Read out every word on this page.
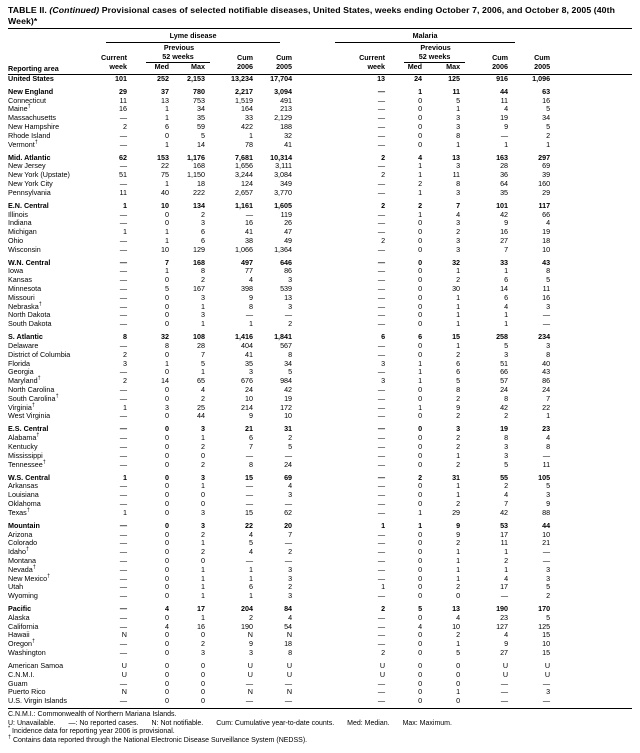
TABLE II. (Continued) Provisional cases of selected notifiable diseases, United States, weeks ending October 7, 2006, and October 8, 2005 (40th Week)*
Reporting area	Lyme disease						Malaria					

		Previous						Previous				
	Current	52 weeks		Cum	Cum		Current	52 weeks		Cum	Cum	
	week	Med	Max	2006	2005		week	Med	Max	2006	2005	
United States	101	252	2,153	13,234	17,704		13	24	125	916	1,096	
New England	29	37	780	2,217	3,094		—	1	11	44	63	
Connecticut	11	13	753	1,519	491		—	0	5	11	16	
Maine†	16	1	34	164	213		—	0	1	4	5	
Massachusetts	—	1	35	33	2,129		—	0	3	19	34	
New Hampshire	2	6	59	422	188		—	0	3	9	5	
Rhode Island	—	0	5	1	32		—	0	8	—	2	
Vermont†	—	1	14	78	41		—	0	1	1	1	
Mid. Atlantic	62	153	1,176	7,681	10,314		2	4	13	163	297	
New Jersey	—	22	168	1,656	3,111		—	1	3	28	69	
New York (Upstate)	51	75	1,150	3,244	3,084		2	1	11	36	39	
New York City	—	1	18	124	349		—	2	8	64	160	
Pennsylvania	11	40	222	2,657	3,770		—	1	3	35	29	
E.N. Central	1	10	134	1,161	1,605		2	2	7	101	117	
Illinois	—	0	2	—	119		—	1	4	42	66	
Indiana	—	0	3	16	26		—	0	3	9	4	
Michigan	1	1	6	41	47		—	0	2	16	19	
Ohio	—	1	6	38	49		2	0	3	27	18	
Wisconsin	—	10	129	1,066	1,364		—	0	3	7	10	
W.N. Central	—	7	168	497	646		—	0	32	33	43	
Iowa	—	1	8	77	86		—	0	1	1	8	
Kansas	—	0	2	4	3		—	0	2	6	5	
Minnesota	—	5	167	398	539		—	0	30	14	11	
Missouri	—	0	3	9	13		—	0	1	6	16	
Nebraska†	—	0	1	8	3		—	0	1	4	3	
North Dakota	—	0	3	—	—		—	0	1	1	—	
South Dakota	—	0	1	1	2		—	0	1	1	—	
S. Atlantic	8	32	108	1,416	1,841		6	6	15	258	234	
Delaware	—	8	28	404	567		—	0	1	5	3	
District of Columbia	2	0	7	41	8		—	0	2	3	8	
Florida	3	1	5	35	34		3	1	6	51	40	
Georgia	—	0	1	3	5		—	1	6	66	43	
Maryland†	2	14	65	676	984		3	1	5	57	86	
North Carolina	—	0	4	24	42		—	0	8	24	24	
South Carolina†	—	0	2	10	19		—	0	2	8	7	
Virginia†	1	3	25	214	172		—	1	9	42	22	
West Virginia	—	0	44	9	10		—	0	2	2	1	
E.S. Central	—	0	3	21	31		—	0	3	19	23	
Alabama†	—	0	1	6	2		—	0	2	8	4	
Kentucky	—	0	2	7	5		—	0	2	3	8	
Mississippi	—	0	0	—	—		—	0	1	3	—	
Tennessee†	—	0	2	8	24		—	0	2	5	11	
W.S. Central	1	0	3	15	69		—	2	31	55	105	
Arkansas	—	0	1	—	4		—	0	1	2	5	
Louisiana	—	0	0	—	3		—	0	1	4	3	
Oklahoma	—	0	0	—	—		—	0	2	7	9	
Texas†	1	0	3	15	62		—	1	29	42	88	
Mountain	—	0	3	22	20		1	1	9	53	44	
Arizona	—	0	2	4	7		—	0	9	17	10	
Colorado	—	0	1	5	—		—	0	2	11	21	
Idaho†	—	0	2	4	2		—	0	1	1	—	
Montana	—	0	0	—	—		—	0	1	2	—	
Nevada†	—	0	1	1	3		—	0	1	1	3	
New Mexico†	—	0	1	1	3		—	0	1	4	3	
Utah	—	0	1	6	2		1	0	2	17	5	
Wyoming	—	0	1	1	3		—	0	0	—	2	
Pacific	—	4	17	204	84		2	5	13	190	170	
Alaska	—	0	1	2	4		—	0	4	23	5	
California	—	4	16	190	54		—	4	10	127	125	
Hawaii	N	0	0	N	N		—	0	2	4	15	
Oregon†	—	0	2	9	18		—	0	1	9	10	
Washington	—	0	3	3	8		2	0	5	27	15	
American Samoa	U	0	0	U	U		U	0	0	U	U	
C.N.M.I.	U	0	0	U	U		U	0	0	U	U	
Guam	—	0	0	—	—		—	0	0	—	—	
Puerto Rico	N	0	0	N	N		—	0	1	—	3	
U.S. Virgin Islands	—	0	0	—	—		—	0	0	—	—	
C.N.M.I.: Commonwealth of Northern Mariana Islands.
U: Unavailable. —: No reported cases. N: Not notifiable. Cum: Cumulative year-to-date counts. Med: Median. Max: Maximum.
* Incidence data for reporting year 2006 is provisional.
† Contains data reported through the National Electronic Disease Surveillance System (NEDSS).
